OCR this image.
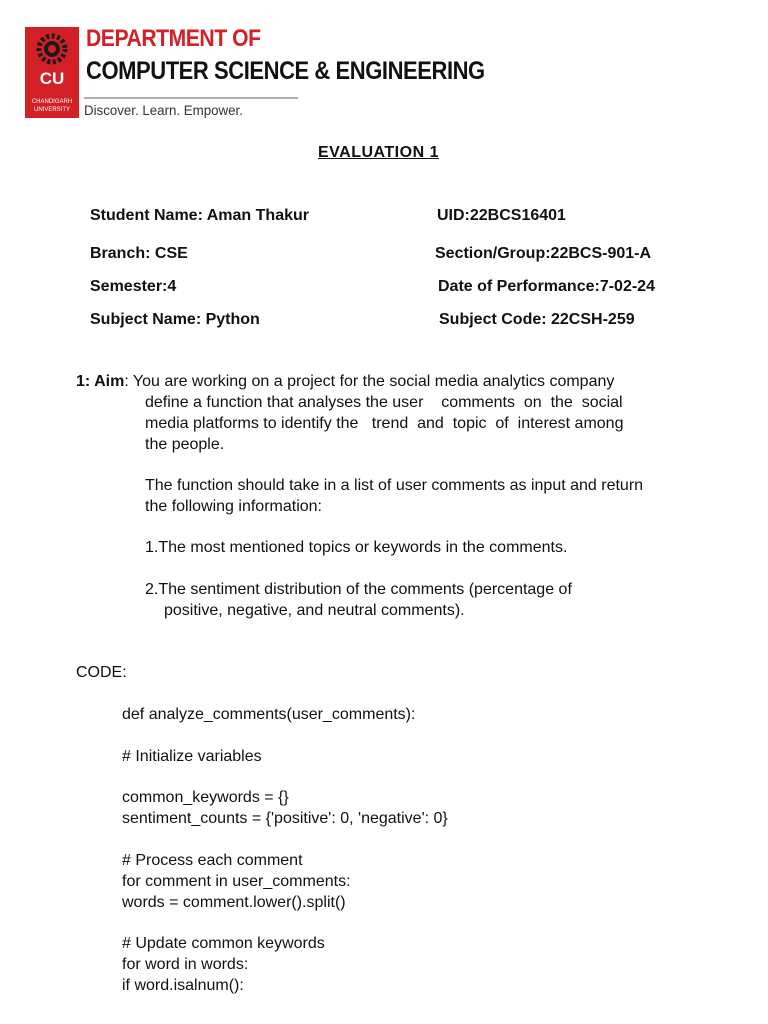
CU
CHANDIGARH
UNIVERSITY
DEPARTMENT OF
COMPUTER SCIENCE & ENGINEERING
Discover. Learn. Empower.
EVALUATION 1
Student Name: Aman Thakur	UID:22BCS16401
Branch: CSE	Section/Group:22BCS-901-A
Semester:4	Date of Performance:7-02-24
Subject Name: Python	Subject Code: 22CSH-259
1: Aim: You are working on a project for the social media analytics company
define a function that analyses the user    comments  on  the  social
media platforms to identify the   trend  and  topic  of  interest among
the people.
The function should take in a list of user comments as input and return
the following information:
1.The most mentioned topics or keywords in the comments.
2.The sentiment distribution of the comments (percentage of
positive, negative, and neutral comments).
CODE:
def analyze_comments(user_comments):
# Initialize variables
common_keywords = {}
sentiment_counts = {'positive': 0, 'negative': 0}
# Process each comment
for comment in user_comments:
words = comment.lower().split()
# Update common keywords
for word in words:
if word.isalnum():
